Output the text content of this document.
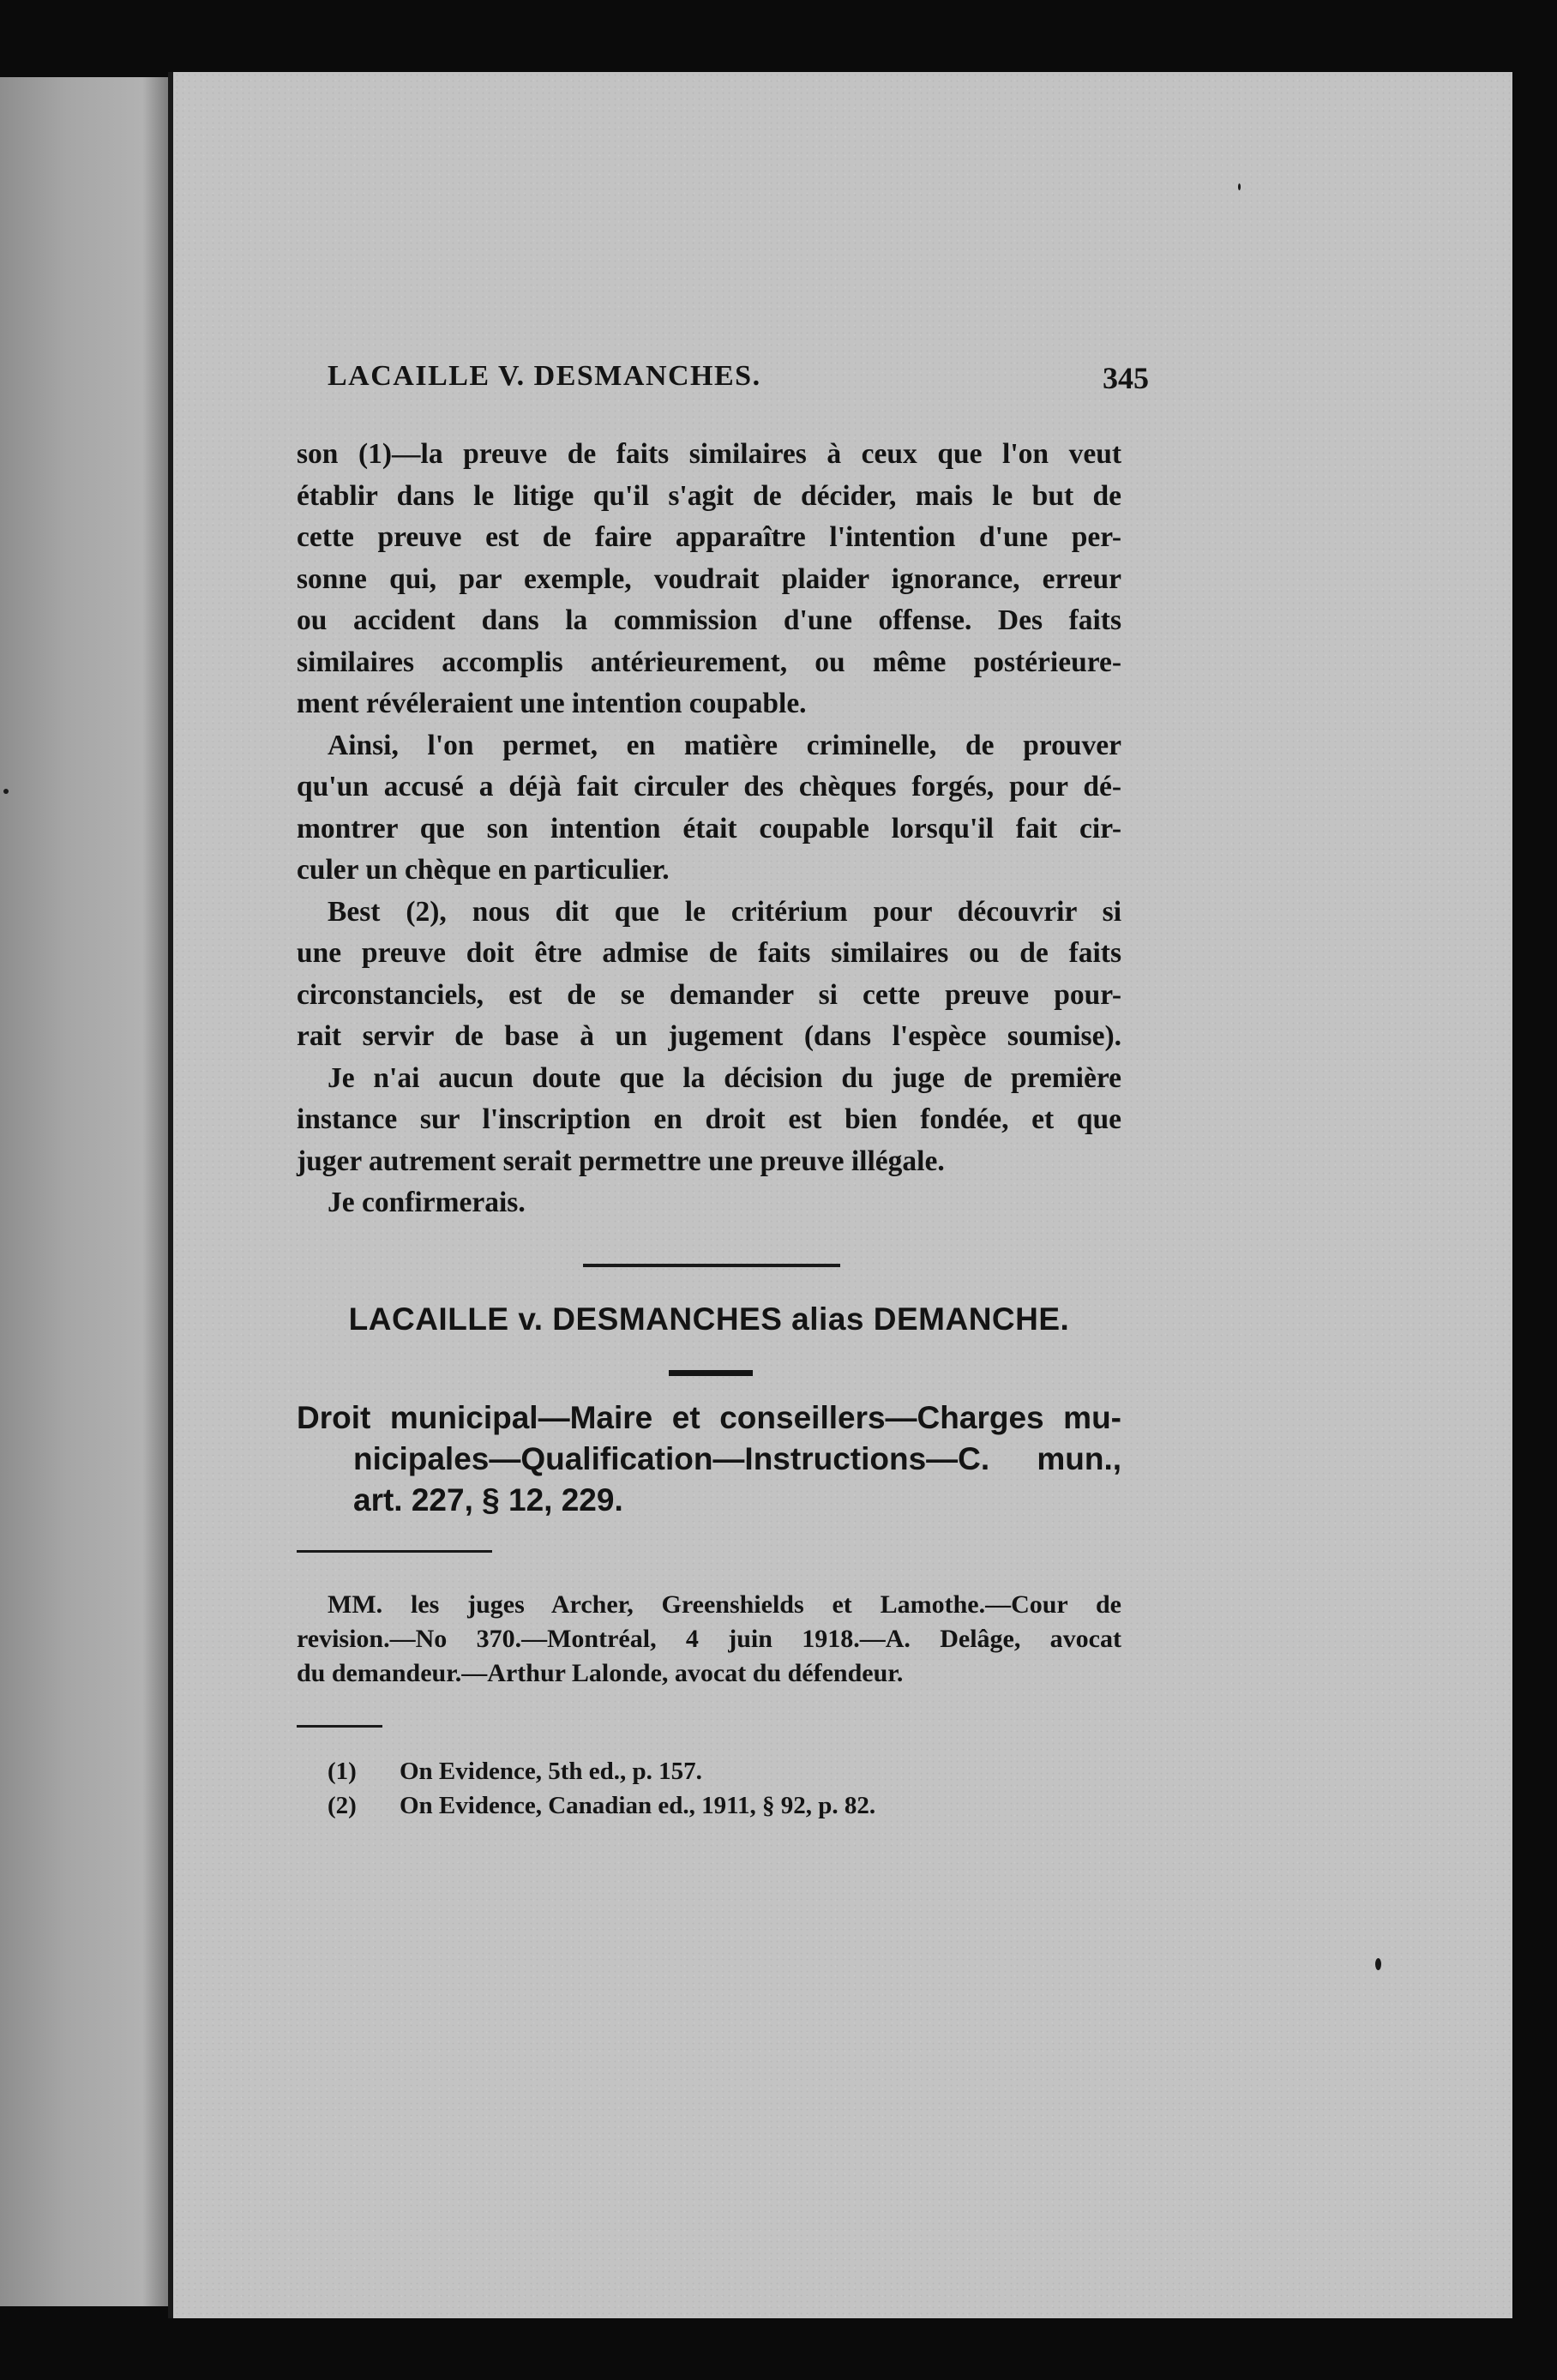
LACAILLE V. DESMANCHES.	345
son (1)—la preuve de faits similaires à ceux que l'on veut
établir dans le litige qu'il s'agit de décider, mais le but de
cette preuve est de faire apparaître l'intention d'une per-
sonne qui, par exemple, voudrait plaider ignorance, erreur
ou accident dans la commission d'une offense. Des faits
similaires accomplis antérieurement, ou même postérieure-
ment révéleraient une intention coupable.
Ainsi, l'on permet, en matière criminelle, de prouver
qu'un accusé a déjà fait circuler des chèques forgés, pour dé-
montrer que son intention était coupable lorsqu'il fait cir-
culer un chèque en particulier.
Best (2), nous dit que le critérium pour découvrir si
une preuve doit être admise de faits similaires ou de faits
circonstanciels, est de se demander si cette preuve pour-
rait servir de base à un jugement (dans l'espèce soumise).
Je n'ai aucun doute que la décision du juge de première
instance sur l'inscription en droit est bien fondée, et que
juger autrement serait permettre une preuve illégale.
Je confirmerais.
LACAILLE v. DESMANCHES alias DEMANCHE.
Droit municipal—Maire et conseillers—Charges mu-
nicipales—Qualification—Instructions—C. mun.,
art. 227, § 12, 229.
MM. les juges Archer, Greenshields et Lamothe.—Cour de
revision.—No 370.—Montréal, 4 juin 1918.—A. Delâge, avocat
du demandeur.—Arthur Lalonde, avocat du défendeur.
(1)	On Evidence, 5th ed., p. 157.
(2)	On Evidence, Canadian ed., 1911, § 92, p. 82.
